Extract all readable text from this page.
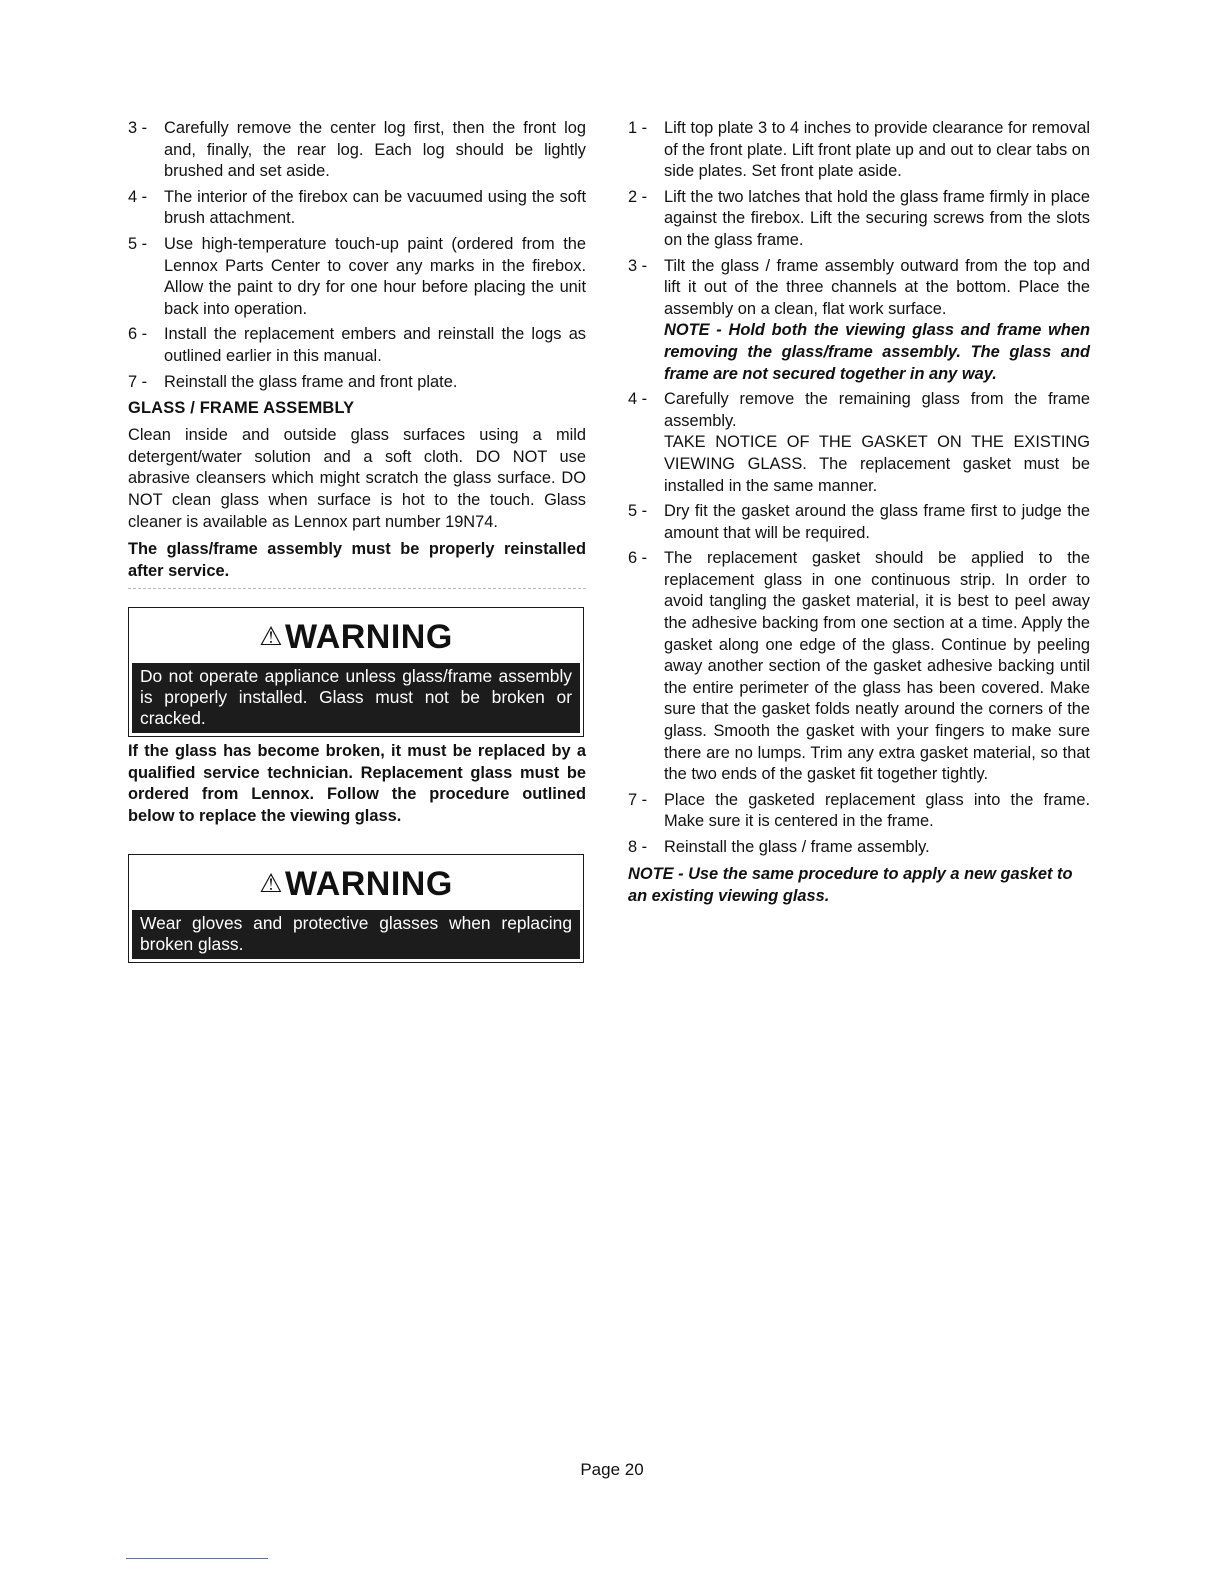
3 -	Carefully remove the center log first, then the front log and, finally, the rear log. Each log should be lightly brushed and set aside.

4 -	The interior of the firebox can be vacuumed using the soft brush attachment.

5 -	Use high-temperature touch-up paint (ordered from the Lennox Parts Center to cover any marks in the firebox. Allow the paint to dry for one hour before placing the unit back into operation.

6 -	Install the replacement embers and reinstall the logs as outlined earlier in this manual.

7 -	Reinstall the glass frame and front plate.

GLASS / FRAME ASSEMBLY

Clean inside and outside glass surfaces using a mild detergent/water solution and a soft cloth. DO NOT use abrasive cleansers which might scratch the glass surface. DO NOT clean glass when surface is hot to the touch. Glass cleaner is available as Lennox part number 19N74.

The glass/frame assembly must be properly reinstalled after service.

⚠WARNING
Do not operate appliance unless glass/frame assembly is properly installed. Glass must not be broken or cracked.

If the glass has become broken, it must be replaced by a qualified service technician. Replacement glass must be ordered from Lennox. Follow the procedure outlined below to replace the viewing glass.

⚠WARNING
Wear gloves and protective glasses when replacing broken glass.
1 -	Lift top plate 3 to 4 inches to provide clearance for removal of the front plate. Lift front plate up and out to clear tabs on side plates. Set front plate aside.

2 -	Lift the two latches that hold the glass frame firmly in place against the firebox. Lift the securing screws from the slots on the glass frame.

3 -	Tilt the glass / frame assembly outward from the top and lift it out of the three channels at the bottom. Place the assembly on a clean, flat work surface.

NOTE - Hold both the viewing glass and frame when removing the glass/frame assembly. The glass and frame are not secured together in any way.

4 -	Carefully remove the remaining glass from the frame assembly.

TAKE NOTICE OF THE GASKET ON THE EXISTING VIEWING GLASS. The replacement gasket must be installed in the same manner.

5 -	Dry fit the gasket around the glass frame first to judge the amount that will be required.

6 -	The replacement gasket should be applied to the replacement glass in one continuous strip. In order to avoid tangling the gasket material, it is best to peel away the adhesive backing from one section at a time. Apply the gasket along one edge of the glass. Continue by peeling away another section of the gasket adhesive backing until the entire perimeter of the glass has been covered. Make sure that the gasket folds neatly around the corners of the glass. Smooth the gasket with your fingers to make sure there are no lumps. Trim any extra gasket material, so that the two ends of the gasket fit together tightly.

7 -	Place the gasketed replacement glass into the frame. Make sure it is centered in the frame.

8 -	Reinstall the glass / frame assembly.

NOTE - Use the same procedure to apply a new gasket to an existing viewing glass.
Page 20
